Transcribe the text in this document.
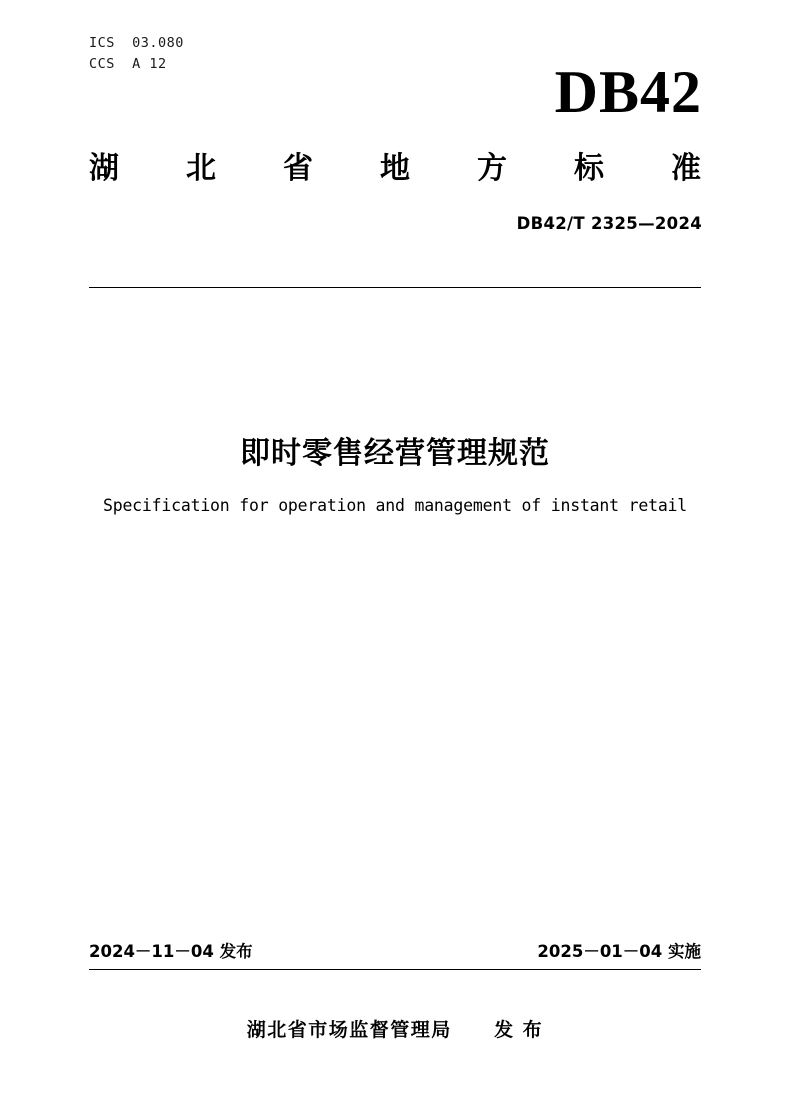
ICS  03.080
CCS  A 12	DB42
湖 北 省 地 方 标 准
DB42/T 2325—2024
即时零售经营管理规范
Specification for operation and management of instant retail
2024－11－04 发布	2025－01－04 实施
湖北省市场监督管理局 发 布
